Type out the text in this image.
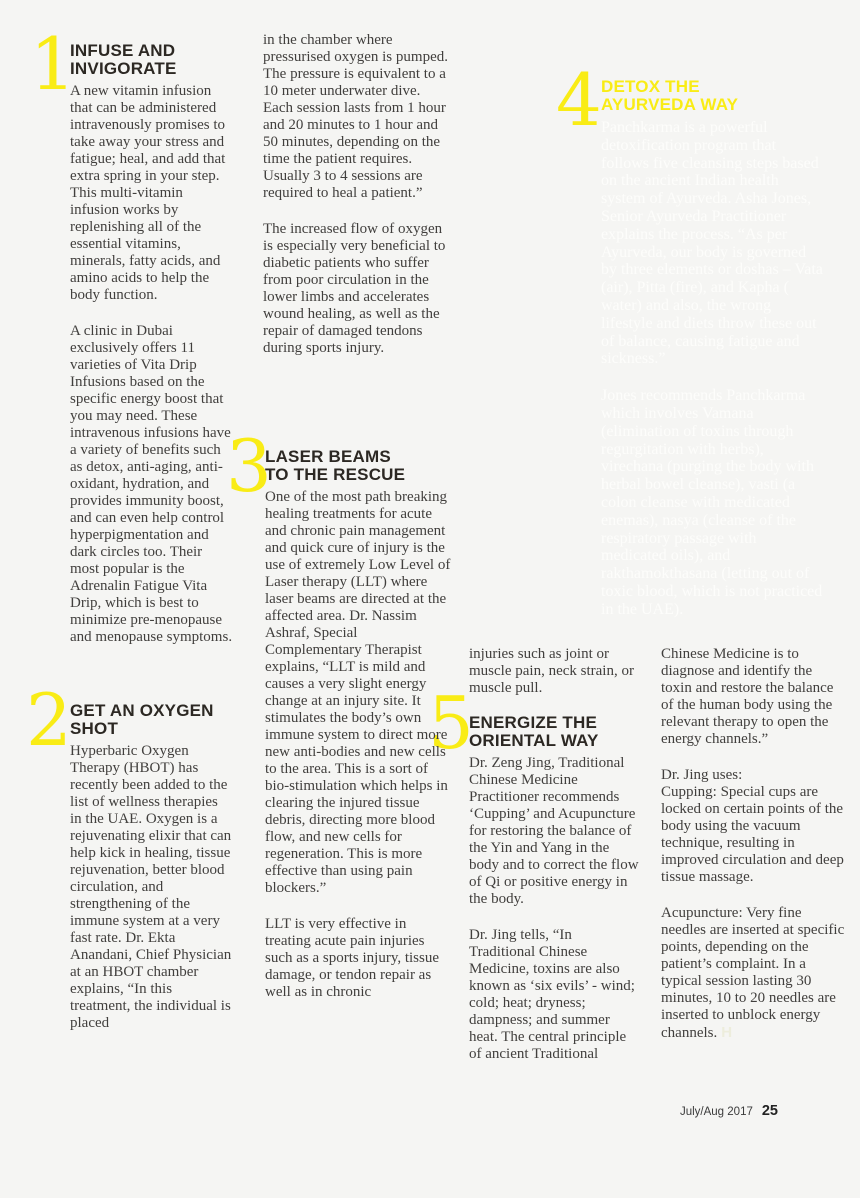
1
2
3
4
5
INFUSE AND INVIGORATE

A new vitamin infusion that can be administered intravenously promises to take away your stress and fatigue; heal, and add that extra spring in your step. This multi-vitamin infusion works by replenishing all of the essential vitamins, minerals, fatty acids, and amino acids to help the body function.

A clinic in Dubai exclusively offers 11 varieties of Vita Drip Infusions based on the specific energy boost that you may need. These intravenous infusions have a variety of benefits such as detox, anti-aging, anti-oxidant, hydration, and provides immunity boost, and can even help control hyperpigmentation and dark circles too. Their most popular is the Adrenalin Fatigue Vita Drip, which is best to minimize pre-menopause and menopause symptoms.

GET AN OXYGEN SHOT

Hyperbaric Oxygen Therapy (HBOT) has recently been added to the list of wellness therapies in the UAE. Oxygen is a rejuvenating elixir that can help kick in healing, tissue rejuvenation, better blood circulation, and strengthening of the immune system at a very fast rate. Dr. Ekta Anandani, Chief Physician at an HBOT chamber explains, “In this treatment, the individual is placed

in the chamber where pressurised oxygen is pumped. The pressure is equivalent to a 10 meter underwater dive. Each session lasts from 1 hour and 20 minutes to 1 hour and 50 minutes, depending on the time the patient requires. Usually 3 to 4 sessions are required to heal a patient.”

The increased flow of oxygen is especially very beneficial to diabetic patients who suffer from poor circulation in the lower limbs and accelerates wound healing, as well as the repair of damaged tendons during sports injury.

LASER BEAMS TO THE RESCUE

One of the most path breaking healing treatments for acute and chronic pain management and quick cure of injury is the use of extremely Low Level of Laser therapy (LLT) where laser beams are directed at the affected area. Dr. Nassim Ashraf, Special Complementary Therapist explains, “LLT is mild and causes a very slight energy change at an injury site. It stimulates the body’s own immune system to direct more new anti-bodies and new cells to the area. This is a sort of bio-stimulation which helps in clearing the injured tissue debris, directing more blood flow, and new cells for regeneration. This is more effective than using pain blockers.”

LLT is very effective in treating acute pain injuries such as a sports injury, tissue damage, or tendon repair as well as in chronic

DETOX THE AYURVEDA WAY

Panchkarma is a powerful detoxification program that follows five cleansing steps based on the ancient Indian health system of Ayurveda. Asha Jones, Senior Ayurveda Practitioner explains the process. “As per Ayurveda, our body is governed by three elements or doshas – Vata (air), Pitta (fire), and Kapha ( water) and also, the wrong lifestyle and diets throw these out of balance, causing fatigue and sickness.”

Jones recommends Panchkarma which involves Vamana (elimination of toxins through regurgitation with herbs), virechana (purging the body with herbal bowel cleanse), vasti (a colon cleanse with medicated enemas), nasya (cleanse of the respiratory passage with medicated oils), and rakthamokthasana (letting out of toxic blood, which is not practiced in the UAE).

injuries such as joint or muscle pain, neck strain, or muscle pull.

ENERGIZE THE ORIENTAL WAY

Dr. Zeng Jing, Traditional Chinese Medicine Practitioner recommends ‘Cupping’ and Acupuncture for restoring the balance of the Yin and Yang in the body and to correct the flow of Qi or positive energy in the body.

Dr. Jing tells, “In Traditional Chinese Medicine, toxins are also known as ‘six evils’ - wind; cold; heat; dryness; dampness; and summer heat. The central principle of ancient Traditional

Chinese Medicine is to diagnose and identify the toxin and restore the balance of the human body using the relevant therapy to open the energy channels.”

Dr. Jing uses:

Cupping: Special cups are locked on certain points of the body using the vacuum technique, resulting in improved circulation and deep tissue massage.

Acupuncture: Very fine needles are inserted at specific points, depending on the patient’s complaint. In a typical session lasting 30 minutes, 10 to 20 needles are inserted to unblock energy channels. H

July/Aug 2017 25
